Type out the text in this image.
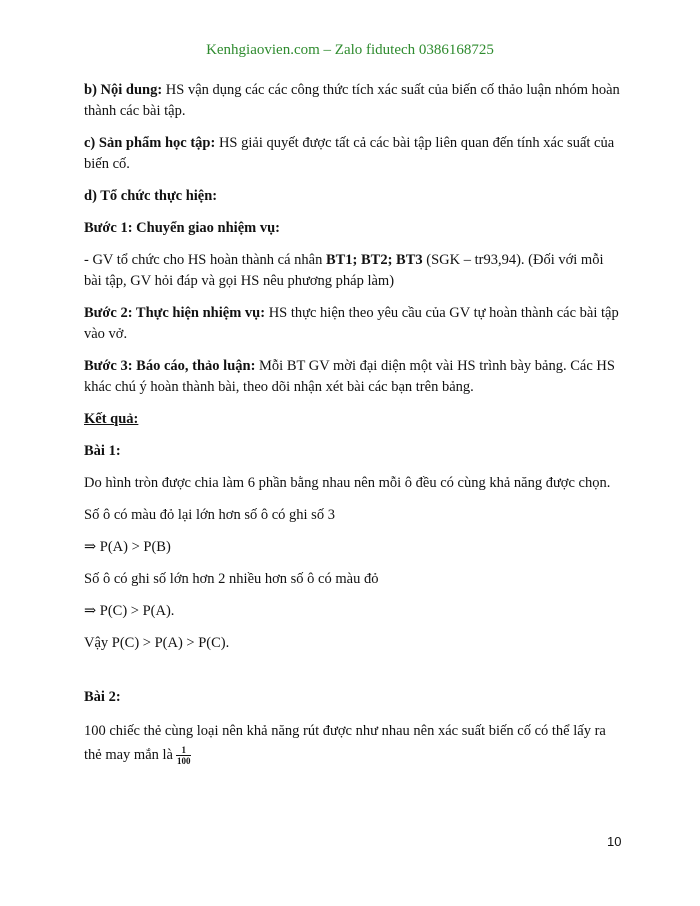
Kenhgiaovien.com – Zalo fidutech 0386168725

b) Nội dung: HS vận dụng các các công thức tích xác suất của biến cố thảo luận nhóm hoàn thành các bài tập.

c) Sản phẩm học tập: HS giải quyết được tất cả các bài tập liên quan đến tính xác suất của biến cố.

d) Tổ chức thực hiện:

Bước 1: Chuyển giao nhiệm vụ:

- GV tổ chức cho HS hoàn thành cá nhân BT1; BT2; BT3 (SGK – tr93,94). (Đối với mỗi bài tập, GV hỏi đáp và gọi HS nêu phương pháp làm)

Bước 2: Thực hiện nhiệm vụ: HS thực hiện theo yêu cầu của GV tự hoàn thành các bài tập vào vở.

Bước 3: Báo cáo, thảo luận: Mỗi BT GV mời đại diện một vài HS trình bày bảng. Các HS khác chú ý hoàn thành bài, theo dõi nhận xét bài các bạn trên bảng.

Kết quả:

Bài 1:

Do hình tròn được chia làm 6 phần bằng nhau nên mỗi ô đều có cùng khả năng được chọn.

Số ô có màu đỏ lại lớn hơn số ô có ghi số 3

⇒ P(A) > P(B)

Số ô có ghi số lớn hơn 2 nhiều hơn số ô có màu đỏ

⇒ P(C) > P(A).

Vậy P(C) > P(A) > P(C).

Bài 2:

100 chiếc thẻ cùng loại nên khả năng rút được như nhau nên xác suất biến cố có thể lấy ra thẻ may mắn là $\frac{1}{100}$

10
